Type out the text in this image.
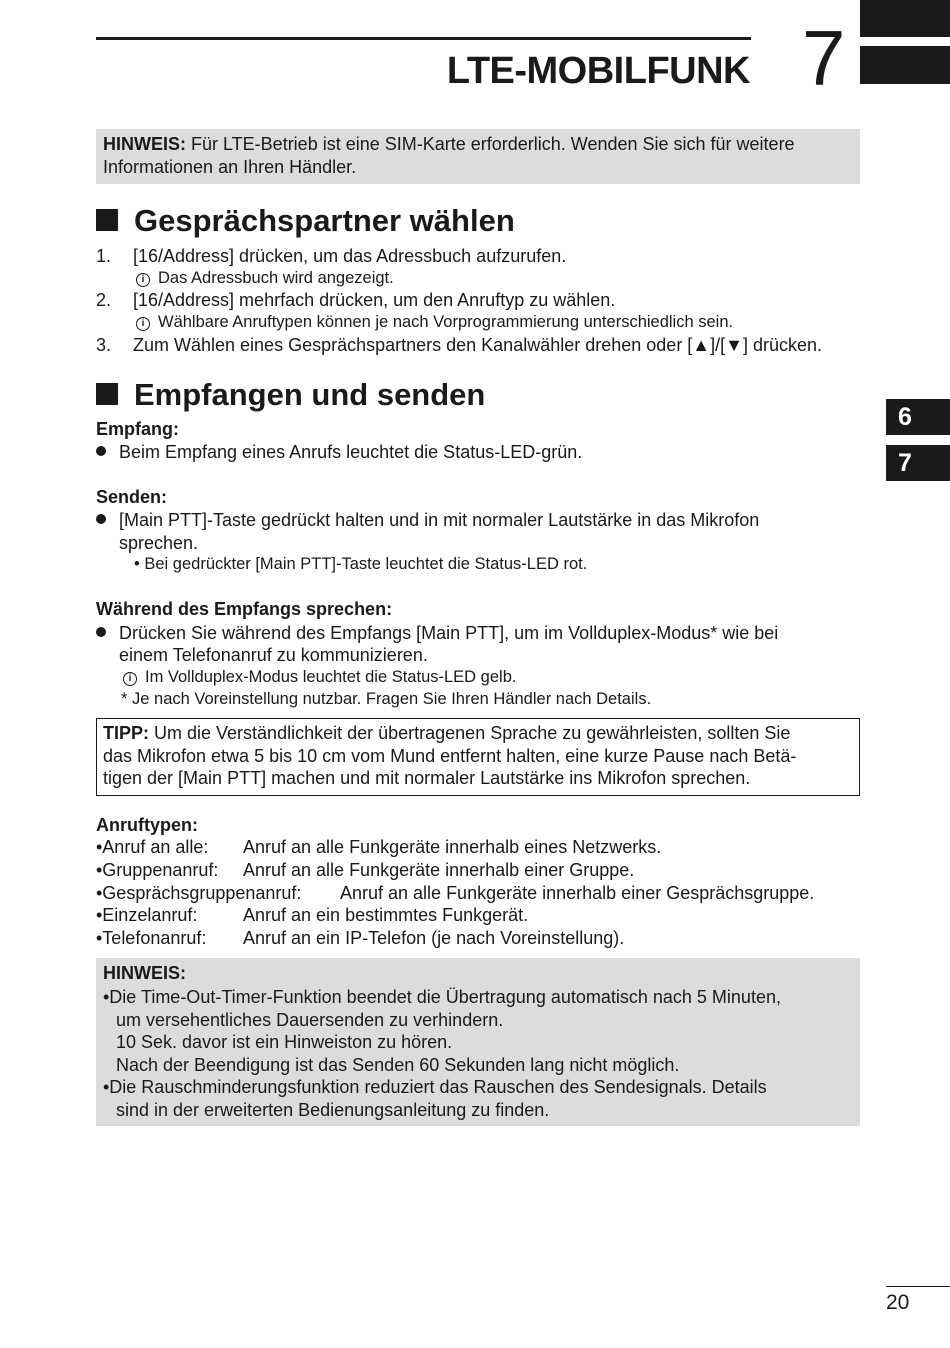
LTE-MOBILFUNK 7
HINWEIS: Für LTE-Betrieb ist eine SIM-Karte erforderlich. Wenden Sie sich für weitere
Informationen an Ihren Händler.
Gesprächspartner wählen
1. [16/Address] drücken, um das Adressbuch aufzurufen.
i Das Adressbuch wird angezeigt.
2. [16/Address] mehrfach drücken, um den Anruftyp zu wählen.
i Wählbare Anruftypen können je nach Vorprogrammierung unterschiedlich sein.
3. Zum Wählen eines Gesprächspartners den Kanalwähler drehen oder [▲]/[▼] drücken.
Empfangen und senden
Empfang:
Beim Empfang eines Anrufs leuchtet die Status-LED-grün.
Senden:
[Main PTT]-Taste gedrückt halten und in mit normaler Lautstärke in das Mikrofon
sprechen.
• Bei gedrückter [Main PTT]-Taste leuchtet die Status-LED rot.
Während des Empfangs sprechen:
Drücken Sie während des Empfangs [Main PTT], um im Vollduplex-Modus* wie bei
einem Telefonanruf zu kommunizieren.
i Im Vollduplex-Modus leuchtet die Status-LED gelb.
* Je nach Voreinstellung nutzbar. Fragen Sie Ihren Händler nach Details.
TIPP: Um die Verständlichkeit der übertragenen Sprache zu gewährleisten, sollten Sie
das Mikrofon etwa 5 bis 10 cm vom Mund entfernt halten, eine kurze Pause nach Betä-
tigen der [Main PTT] machen und mit normaler Lautstärke ins Mikrofon sprechen.
Anruftypen:
•Anruf an alle: Anruf an alle Funkgeräte innerhalb eines Netzwerks.
•Gruppenanruf: Anruf an alle Funkgeräte innerhalb einer Gruppe.
•Gesprächsgruppenanruf: Anruf an alle Funkgeräte innerhalb einer Gesprächsgruppe.
•Einzelanruf:	Anruf an ein bestimmtes Funkgerät.
•Telefonanruf: Anruf an ein IP-Telefon (je nach Voreinstellung).
HINWEIS:
•Die Time-Out-Timer-Funktion beendet die Übertragung automatisch nach 5 Minuten,
um versehentliches Dauersenden zu verhindern.
10 Sek. davor ist ein Hinweiston zu hören.
Nach der Beendigung ist das Senden 60 Sekunden lang nicht möglich.
•Die Rauschminderungsfunktion reduziert das Rauschen des Sendesignals. Details
sind in der erweiterten Bedienungsanleitung zu finden.
6
7
20
